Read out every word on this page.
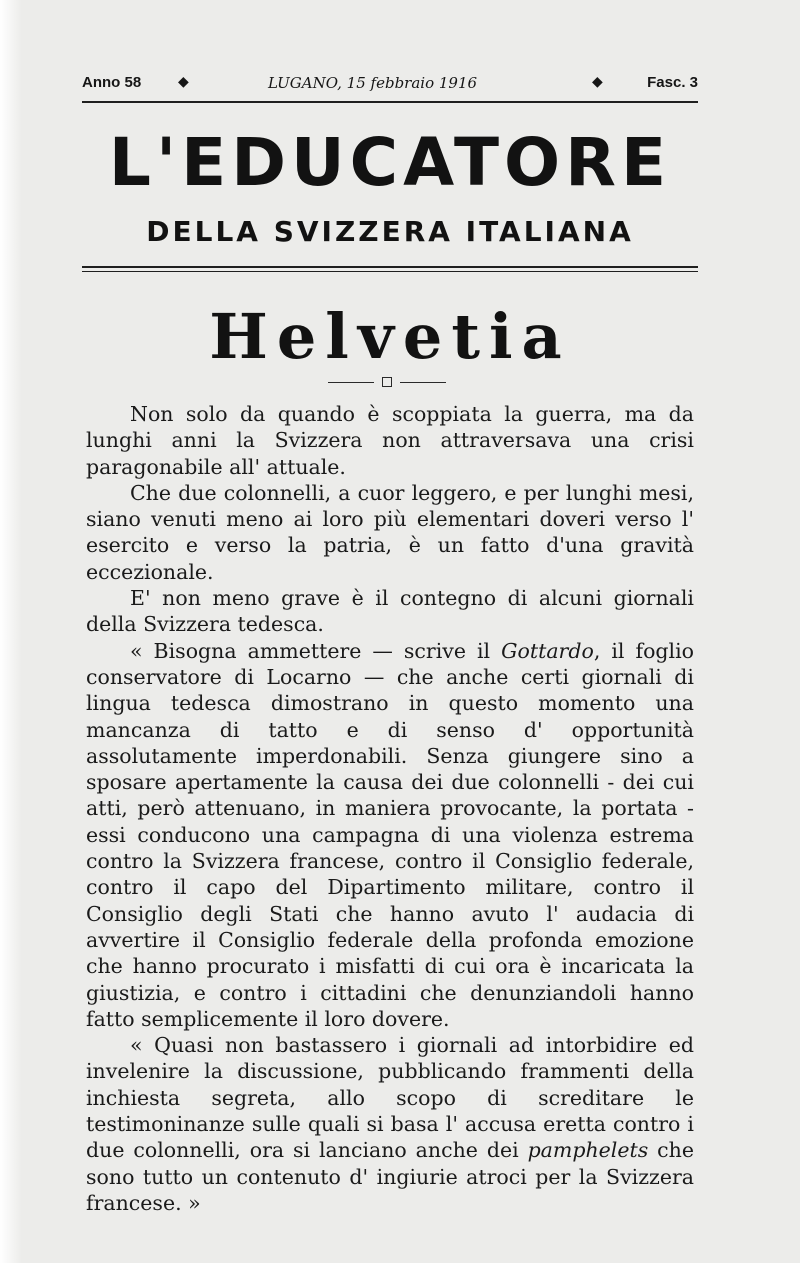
Anno 58	◆	LUGANO, 15 febbraio 1916	◆	Fasc. 3
L'EDUCATORE
DELLA SVIZZERA ITALIANA
Helvetia

Non solo da quando è scoppiata la guerra, ma da lunghi anni la Svizzera non attraversava una crisi paragonabile all' attuale.

Che due colonnelli, a cuor leggero, e per lunghi mesi, siano venuti meno ai loro più elementari doveri verso l' esercito e verso la patria, è un fatto d'una gravità eccezionale.

E' non meno grave è il contegno di alcuni giornali della Svizzera tedesca.

« Bisogna ammettere — scrive il Gottardo, il foglio conservatore di Locarno — che anche certi giornali di lingua tedesca dimostrano in questo momento una mancanza di tatto e di senso d' opportunità assolutamente imperdonabili. Senza giungere sino a sposare apertamente la causa dei due colonnelli - dei cui atti, però attenuano, in maniera provocante, la portata - essi conducono una campagna di una violenza estrema contro la Svizzera francese, contro il Consiglio federale, contro il capo del Dipartimento militare, contro il Consiglio degli Stati che hanno avuto l' audacia di avvertire il Consiglio federale della profonda emozione che hanno procurato i misfatti di cui ora è incaricata la giustizia, e contro i cittadini che denunziandoli hanno fatto semplicemente il loro dovere.

« Quasi non bastassero i giornali ad intorbidire ed invelenire la discussione, pubblicando frammenti della inchiesta segreta, allo scopo di screditare le testimoninanze sulle quali si basa l' accusa eretta contro i due colonnelli, ora si lanciano anche dei pamphelets che sono tutto un contenuto d' ingiurie atroci per la Svizzera francese. »
